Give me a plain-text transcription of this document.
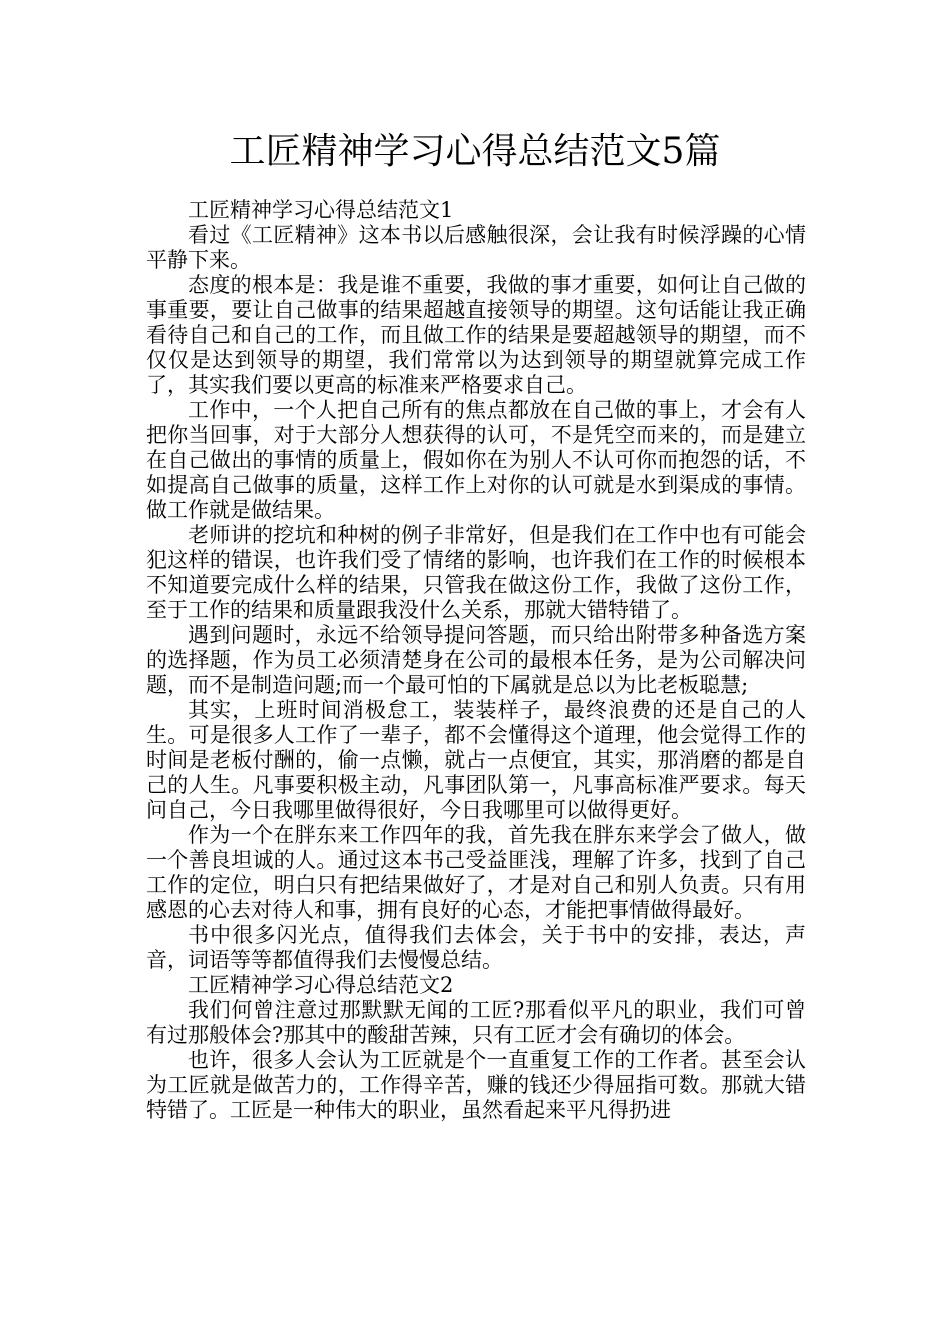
工匠精神学习心得总结范文5篇

工匠精神学习心得总结范文1

看过《工匠精神》这本书以后感触很深，会让我有时候浮躁的心情平静下来。

态度的根本是：我是谁不重要，我做的事才重要，如何让自己做的事重要，要让自己做事的结果超越直接领导的期望。这句话能让我正确看待自己和自己的工作，而且做工作的结果是要超越领导的期望，而不仅仅是达到领导的期望，我们常常以为达到领导的期望就算完成工作了，其实我们要以更高的标准来严格要求自己。

工作中，一个人把自己所有的焦点都放在自己做的事上，才会有人把你当回事，对于大部分人想获得的认可，不是凭空而来的，而是建立在自己做出的事情的质量上，假如你在为别人不认可你而抱怨的话，不如提高自己做事的质量，这样工作上对你的认可就是水到渠成的事情。做工作就是做结果。

老师讲的挖坑和种树的例子非常好，但是我们在工作中也有可能会犯这样的错误，也许我们受了情绪的影响，也许我们在工作的时候根本不知道要完成什么样的结果，只管我在做这份工作，我做了这份工作，至于工作的结果和质量跟我没什么关系，那就大错特错了。

遇到问题时，永远不给领导提问答题，而只给出附带多种备选方案的选择题，作为员工必须清楚身在公司的最根本任务，是为公司解决问题，而不是制造问题;而一个最可怕的下属就是总以为比老板聪慧;

其实，上班时间消极怠工，装装样子，最终浪费的还是自己的人生。可是很多人工作了一辈子，都不会懂得这个道理，他会觉得工作的时间是老板付酬的，偷一点懒，就占一点便宜，其实，那消磨的都是自己的人生。凡事要积极主动，凡事团队第一，凡事高标准严要求。每天问自己，今日我哪里做得很好，今日我哪里可以做得更好。

作为一个在胖东来工作四年的我，首先我在胖东来学会了做人，做一个善良坦诚的人。通过这本书己受益匪浅，理解了许多，找到了自己工作的定位，明白只有把结果做好了，才是对自己和别人负责。只有用感恩的心去对待人和事，拥有良好的心态，才能把事情做得最好。

书中很多闪光点，值得我们去体会，关于书中的安排，表达，声音，词语等等都值得我们去慢慢总结。

工匠精神学习心得总结范文2

我们何曾注意过那默默无闻的工匠?那看似平凡的职业，我们可曾有过那般体会?那其中的酸甜苦辣，只有工匠才会有确切的体会。

也许，很多人会认为工匠就是个一直重复工作的工作者。甚至会认为工匠就是做苦力的，工作得辛苦，赚的钱还少得屈指可数。那就大错特错了。工匠是一种伟大的职业，虽然看起来平凡得扔进
